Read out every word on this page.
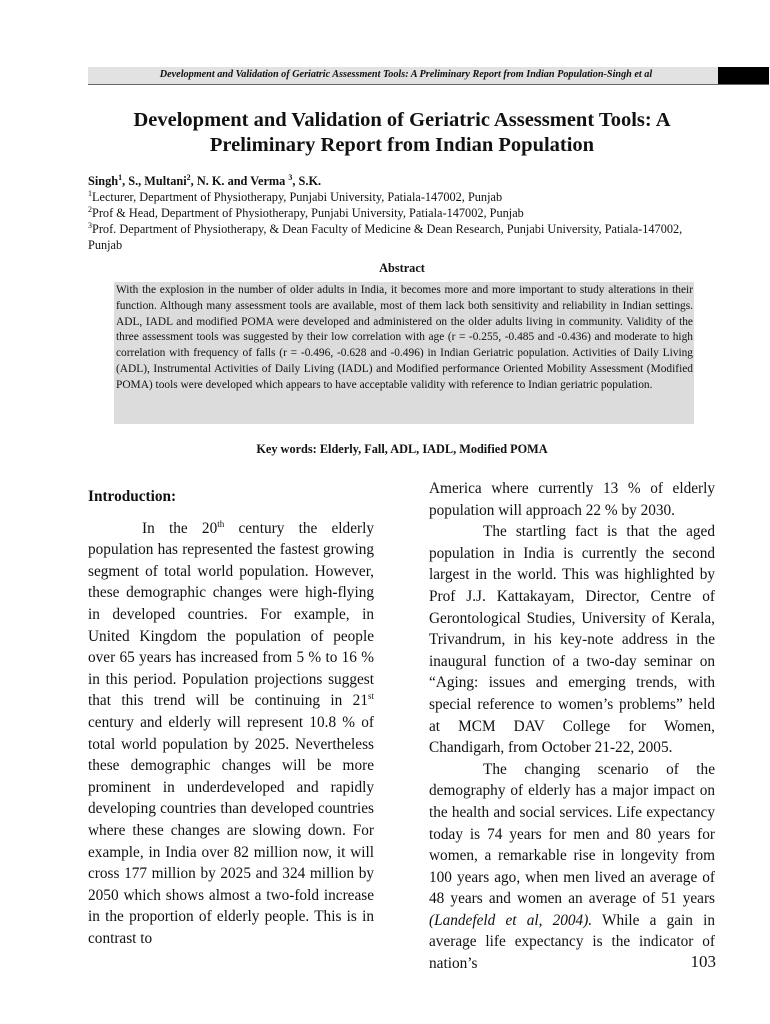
Development and Validation of Geriatric Assessment Tools: A Preliminary Report from Indian Population-Singh et al
Development and Validation of Geriatric Assessment Tools: A
Preliminary Report from Indian Population
Singh$^1$, S., Multani$^2$, N. K. and Verma $^3$, S.K.
$^1$Lecturer, Department of Physiotherapy, Punjabi University, Patiala-147002, Punjab
$^2$Prof & Head, Department of Physiotherapy, Punjabi University, Patiala-147002, Punjab
$^3$Prof. Department of Physiotherapy, & Dean Faculty of Medicine & Dean Research, Punjabi University, Patiala-147002, Punjab
Abstract
With the explosion in the number of older adults in India, it becomes more and more important to study alterations in their function. Although many assessment tools are available, most of them lack both sensitivity and reliability in Indian settings. ADL, IADL and modified POMA were developed and administered on the older adults living in community. Validity of the three assessment tools was suggested by their low correlation with age (r = -0.255, -0.485 and -0.436) and moderate to high correlation with frequency of falls (r = -0.496, -0.628 and -0.496) in Indian Geriatric population. Activities of Daily Living (ADL), Instrumental Activities of Daily Living (IADL) and Modified performance Oriented Mobility Assessment (Modified POMA) tools were developed which appears to have acceptable validity with reference to Indian geriatric population.
Key words: Elderly, Fall, ADL, IADL, Modified POMA

Introduction:

In the 20th century the elderly population has represented the fastest growing segment of total world population. However, these demographic changes were high-flying in developed countries. For example, in United Kingdom the population of people over 65 years has increased from 5 % to 16 % in this period. Population projections suggest that this trend will be continuing in 21st century and elderly will represent 10.8 % of total world population by 2025. Nevertheless these demographic changes will be more prominent in underdeveloped and rapidly developing countries than developed countries where these changes are slowing down. For example, in India over 82 million now, it will cross 177 million by 2025 and 324 million by 2050 which shows almost a two-fold increase in the proportion of elderly people. This is in contrast to

America where currently 13 % of elderly population will approach 22 % by 2030.

The startling fact is that the aged population in India is currently the second largest in the world. This was highlighted by Prof J.J. Kattakayam, Director, Centre of Gerontological Studies, University of Kerala, Trivandrum, in his key-note address in the inaugural function of a two-day seminar on “Aging: issues and emerging trends, with special reference to women’s problems” held at MCM DAV College for Women, Chandigarh, from October 21-22, 2005.

The changing scenario of the demography of elderly has a major impact on the health and social services. Life expectancy today is 74 years for men and 80 years for women, a remarkable rise in longevity from 100 years ago, when men lived an average of 48 years and women an average of 51 years (Landefeld et al, 2004). While a gain in average life expectancy is the indicator of nation’s	103
